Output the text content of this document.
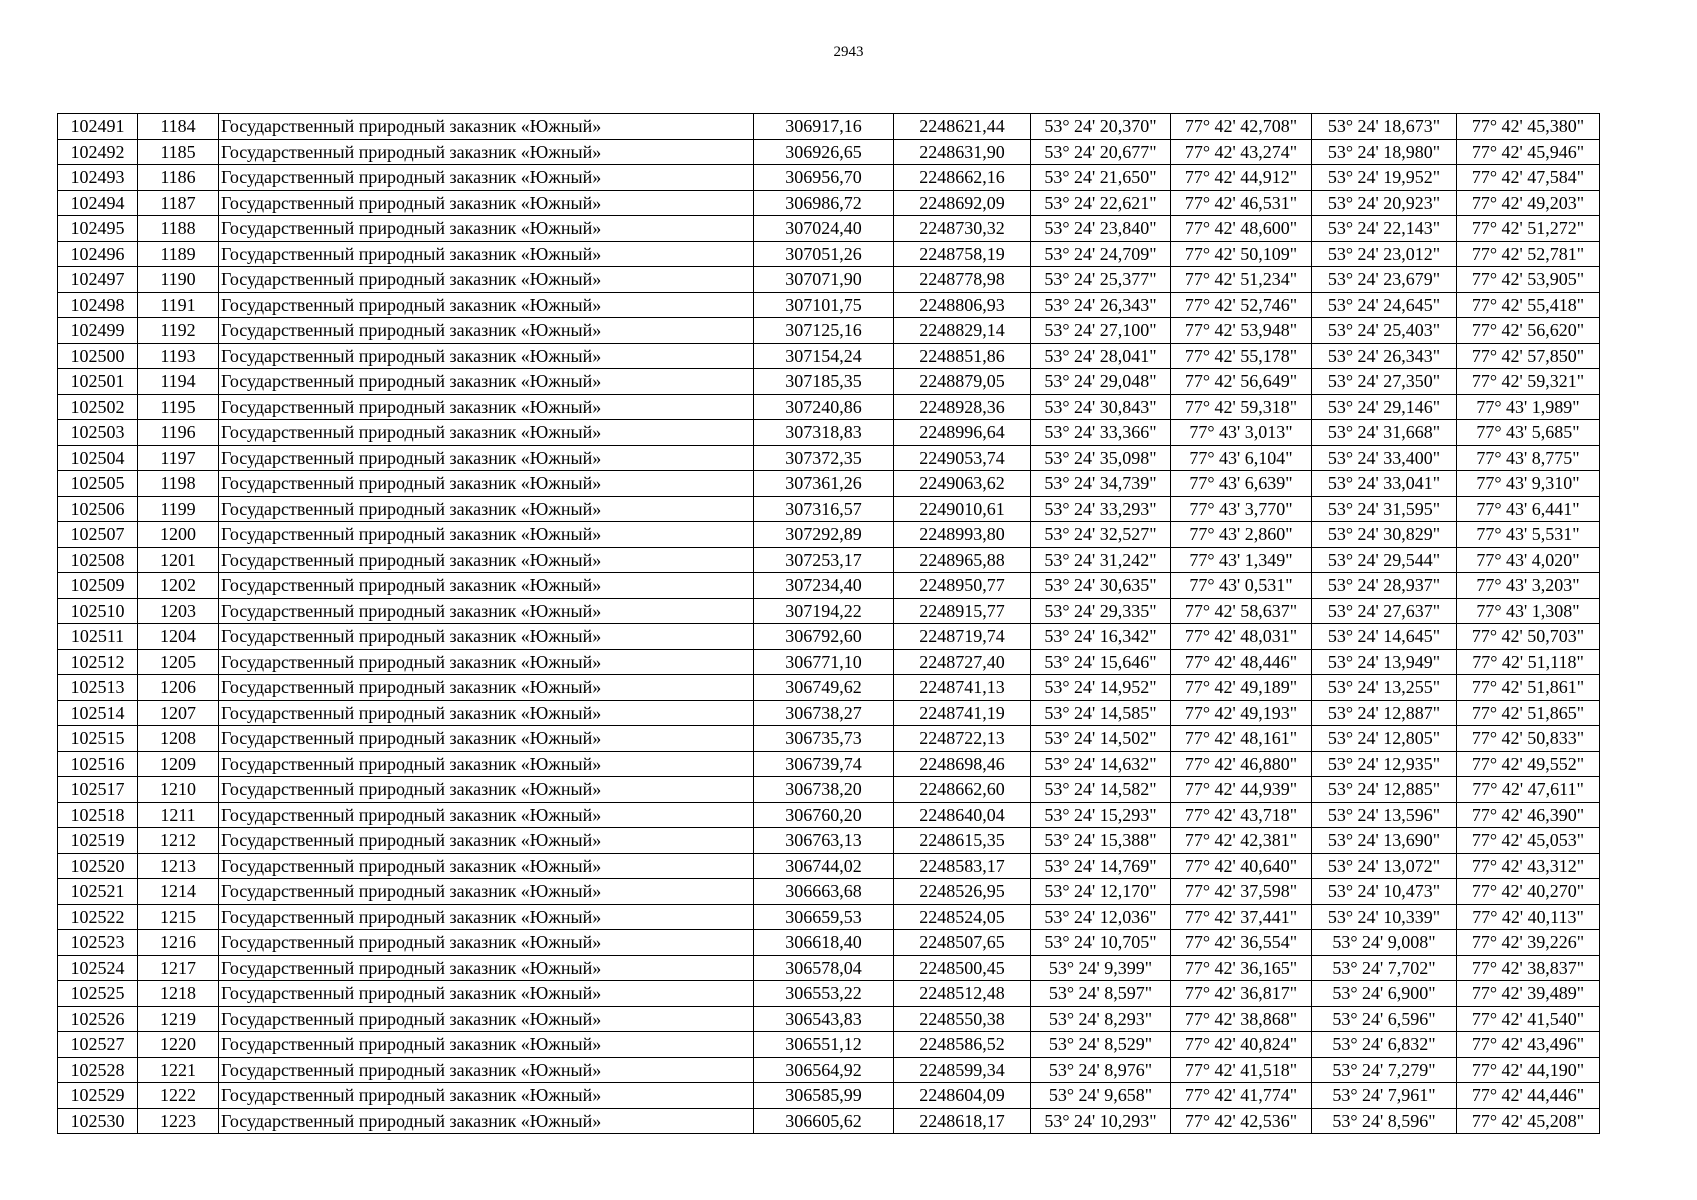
2943
102491	1184	Государственный природный заказник «Южный»	306917,16	2248621,44	53° 24' 20,370"	77° 42' 42,708"	53° 24' 18,673"	77° 42' 45,380"
102492	1185	Государственный природный заказник «Южный»	306926,65	2248631,90	53° 24' 20,677"	77° 42' 43,274"	53° 24' 18,980"	77° 42' 45,946"
102493	1186	Государственный природный заказник «Южный»	306956,70	2248662,16	53° 24' 21,650"	77° 42' 44,912"	53° 24' 19,952"	77° 42' 47,584"
102494	1187	Государственный природный заказник «Южный»	306986,72	2248692,09	53° 24' 22,621"	77° 42' 46,531"	53° 24' 20,923"	77° 42' 49,203"
102495	1188	Государственный природный заказник «Южный»	307024,40	2248730,32	53° 24' 23,840"	77° 42' 48,600"	53° 24' 22,143"	77° 42' 51,272"
102496	1189	Государственный природный заказник «Южный»	307051,26	2248758,19	53° 24' 24,709"	77° 42' 50,109"	53° 24' 23,012"	77° 42' 52,781"
102497	1190	Государственный природный заказник «Южный»	307071,90	2248778,98	53° 24' 25,377"	77° 42' 51,234"	53° 24' 23,679"	77° 42' 53,905"
102498	1191	Государственный природный заказник «Южный»	307101,75	2248806,93	53° 24' 26,343"	77° 42' 52,746"	53° 24' 24,645"	77° 42' 55,418"
102499	1192	Государственный природный заказник «Южный»	307125,16	2248829,14	53° 24' 27,100"	77° 42' 53,948"	53° 24' 25,403"	77° 42' 56,620"
102500	1193	Государственный природный заказник «Южный»	307154,24	2248851,86	53° 24' 28,041"	77° 42' 55,178"	53° 24' 26,343"	77° 42' 57,850"
102501	1194	Государственный природный заказник «Южный»	307185,35	2248879,05	53° 24' 29,048"	77° 42' 56,649"	53° 24' 27,350"	77° 42' 59,321"
102502	1195	Государственный природный заказник «Южный»	307240,86	2248928,36	53° 24' 30,843"	77° 42' 59,318"	53° 24' 29,146"	77° 43' 1,989"
102503	1196	Государственный природный заказник «Южный»	307318,83	2248996,64	53° 24' 33,366"	77° 43' 3,013"	53° 24' 31,668"	77° 43' 5,685"
102504	1197	Государственный природный заказник «Южный»	307372,35	2249053,74	53° 24' 35,098"	77° 43' 6,104"	53° 24' 33,400"	77° 43' 8,775"
102505	1198	Государственный природный заказник «Южный»	307361,26	2249063,62	53° 24' 34,739"	77° 43' 6,639"	53° 24' 33,041"	77° 43' 9,310"
102506	1199	Государственный природный заказник «Южный»	307316,57	2249010,61	53° 24' 33,293"	77° 43' 3,770"	53° 24' 31,595"	77° 43' 6,441"
102507	1200	Государственный природный заказник «Южный»	307292,89	2248993,80	53° 24' 32,527"	77° 43' 2,860"	53° 24' 30,829"	77° 43' 5,531"
102508	1201	Государственный природный заказник «Южный»	307253,17	2248965,88	53° 24' 31,242"	77° 43' 1,349"	53° 24' 29,544"	77° 43' 4,020"
102509	1202	Государственный природный заказник «Южный»	307234,40	2248950,77	53° 24' 30,635"	77° 43' 0,531"	53° 24' 28,937"	77° 43' 3,203"
102510	1203	Государственный природный заказник «Южный»	307194,22	2248915,77	53° 24' 29,335"	77° 42' 58,637"	53° 24' 27,637"	77° 43' 1,308"
102511	1204	Государственный природный заказник «Южный»	306792,60	2248719,74	53° 24' 16,342"	77° 42' 48,031"	53° 24' 14,645"	77° 42' 50,703"
102512	1205	Государственный природный заказник «Южный»	306771,10	2248727,40	53° 24' 15,646"	77° 42' 48,446"	53° 24' 13,949"	77° 42' 51,118"
102513	1206	Государственный природный заказник «Южный»	306749,62	2248741,13	53° 24' 14,952"	77° 42' 49,189"	53° 24' 13,255"	77° 42' 51,861"
102514	1207	Государственный природный заказник «Южный»	306738,27	2248741,19	53° 24' 14,585"	77° 42' 49,193"	53° 24' 12,887"	77° 42' 51,865"
102515	1208	Государственный природный заказник «Южный»	306735,73	2248722,13	53° 24' 14,502"	77° 42' 48,161"	53° 24' 12,805"	77° 42' 50,833"
102516	1209	Государственный природный заказник «Южный»	306739,74	2248698,46	53° 24' 14,632"	77° 42' 46,880"	53° 24' 12,935"	77° 42' 49,552"
102517	1210	Государственный природный заказник «Южный»	306738,20	2248662,60	53° 24' 14,582"	77° 42' 44,939"	53° 24' 12,885"	77° 42' 47,611"
102518	1211	Государственный природный заказник «Южный»	306760,20	2248640,04	53° 24' 15,293"	77° 42' 43,718"	53° 24' 13,596"	77° 42' 46,390"
102519	1212	Государственный природный заказник «Южный»	306763,13	2248615,35	53° 24' 15,388"	77° 42' 42,381"	53° 24' 13,690"	77° 42' 45,053"
102520	1213	Государственный природный заказник «Южный»	306744,02	2248583,17	53° 24' 14,769"	77° 42' 40,640"	53° 24' 13,072"	77° 42' 43,312"
102521	1214	Государственный природный заказник «Южный»	306663,68	2248526,95	53° 24' 12,170"	77° 42' 37,598"	53° 24' 10,473"	77° 42' 40,270"
102522	1215	Государственный природный заказник «Южный»	306659,53	2248524,05	53° 24' 12,036"	77° 42' 37,441"	53° 24' 10,339"	77° 42' 40,113"
102523	1216	Государственный природный заказник «Южный»	306618,40	2248507,65	53° 24' 10,705"	77° 42' 36,554"	53° 24' 9,008"	77° 42' 39,226"
102524	1217	Государственный природный заказник «Южный»	306578,04	2248500,45	53° 24' 9,399"	77° 42' 36,165"	53° 24' 7,702"	77° 42' 38,837"
102525	1218	Государственный природный заказник «Южный»	306553,22	2248512,48	53° 24' 8,597"	77° 42' 36,817"	53° 24' 6,900"	77° 42' 39,489"
102526	1219	Государственный природный заказник «Южный»	306543,83	2248550,38	53° 24' 8,293"	77° 42' 38,868"	53° 24' 6,596"	77° 42' 41,540"
102527	1220	Государственный природный заказник «Южный»	306551,12	2248586,52	53° 24' 8,529"	77° 42' 40,824"	53° 24' 6,832"	77° 42' 43,496"
102528	1221	Государственный природный заказник «Южный»	306564,92	2248599,34	53° 24' 8,976"	77° 42' 41,518"	53° 24' 7,279"	77° 42' 44,190"
102529	1222	Государственный природный заказник «Южный»	306585,99	2248604,09	53° 24' 9,658"	77° 42' 41,774"	53° 24' 7,961"	77° 42' 44,446"
102530	1223	Государственный природный заказник «Южный»	306605,62	2248618,17	53° 24' 10,293"	77° 42' 42,536"	53° 24' 8,596"	77° 42' 45,208"
